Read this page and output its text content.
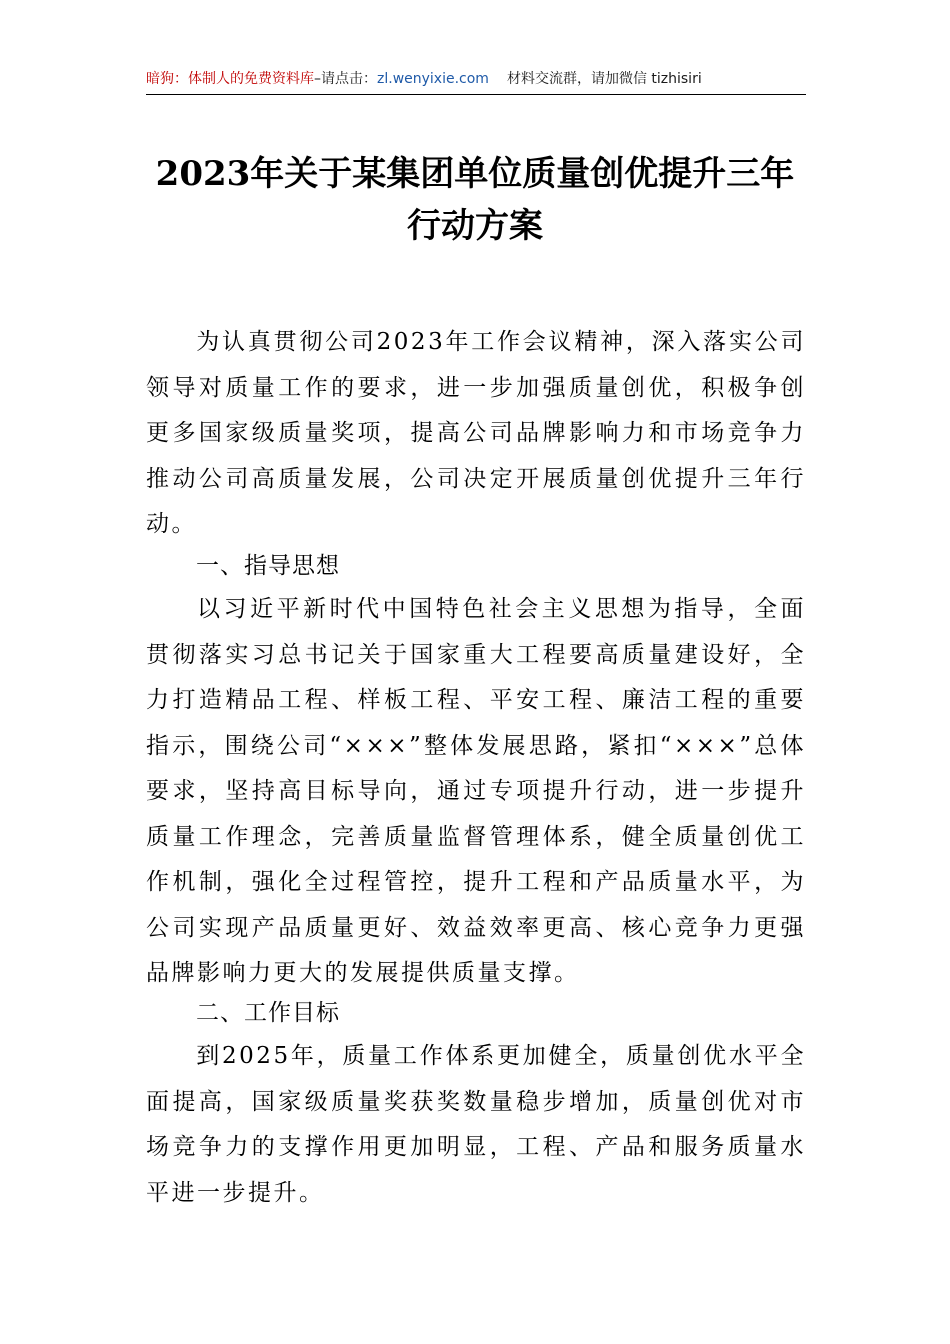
暗狗：体制人的免费资料库–请点击：zl.wenyixie.com 材料交流群，请加微信 tizhisiri
2023年关于某集团单位质量创优提升三年
行动方案
为认真贯彻公司2023年工作会议精神，深入落实公司领导对质量工作的要求，进一步加强质量创优，积极争创更多国家级质量奖项，提高公司品牌影响力和市场竞争力推动公司高质量发展，公司决定开展质量创优提升三年行动。
一、指导思想
以习近平新时代中国特色社会主义思想为指导，全面贯彻落实习总书记关于国家重大工程要高质量建设好，全力打造精品工程、样板工程、平安工程、廉洁工程的重要指示，围绕公司“×××”整体发展思路，紧扣“×××”总体要求，坚持高目标导向，通过专项提升行动，进一步提升质量工作理念，完善质量监督管理体系，健全质量创优工作机制，强化全过程管控，提升工程和产品质量水平，为公司实现产品质量更好、效益效率更高、核心竞争力更强品牌影响力更大的发展提供质量支撑。
二、工作目标
到2025年，质量工作体系更加健全，质量创优水平全面提高，国家级质量奖获奖数量稳步增加，质量创优对市场竞争力的支撑作用更加明显，工程、产品和服务质量水平进一步提升。
